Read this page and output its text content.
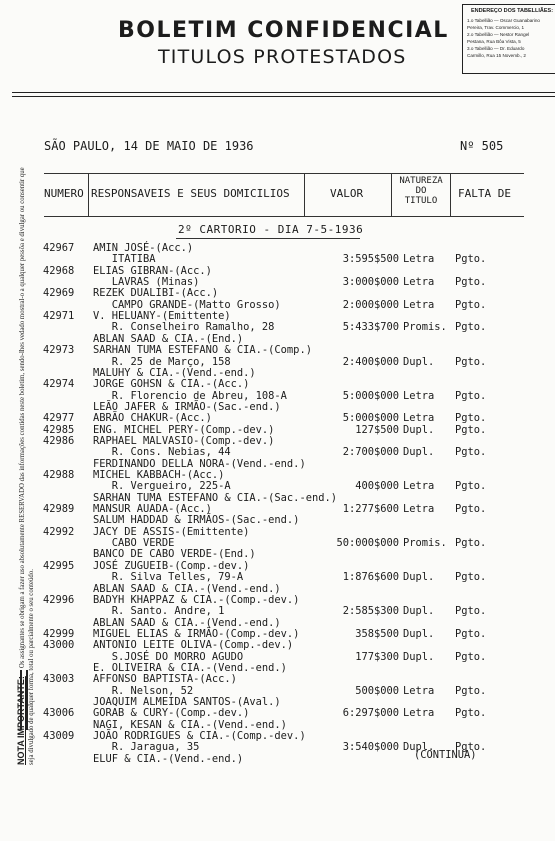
BOLETIM CONFIDENCIAL
TITULOS PROTESTADOS
ENDEREÇO DOS TABELLIÃES:
1.o Tabellião — Oscar Guanabarino
Pereira, Trav. Commercio, 1
2.o Tabellião — Nestor Rangel
Pestana, Rua Bôa Vista, 5
3.o Tabellião — Dr. Eduardo
Carmillo, Rua 15 Novemb., 2
NOTA IMPORTANTE:Os assignantes se obrigam a fazer uso absolutamente RESERVADO das informações contidas neste boletim, sendo-lhes vedado mostral-o a qualquer pessôa e divulgar ou consentir que seja divulgado de qualquer forma, total ou parcialmente o seu conteúdo.
SÃO PAULO, 14 DE MAIO DE 1936	Nº 505
NUMERO RESPONSAVEIS E SEUS DOMICILIOS	VALOR
NATUREZA
DO
TITULO
FALTA DE
2º CARTORIO - DIA 7-5-1936
42967 AMIN JOSÉ-(Acc.)
ITATIBA	3:595$500 Letra Pgto.
42968 ELIAS GIBRAN-(Acc.)
LAVRAS (Minas)	3:000$000 Letra Pgto.
42969 REZEK DUALIBI-(Acc.)
CAMPO GRANDE-(Matto Grosso)	2:000$000 Letra Pgto.
42971 V. HELUANY-(Emittente)
R. Conselheiro Ramalho, 28	5:433$700 Promis. Pgto.
ABLAN SAAD & CIA.-(End.)
42973 SARHAN TUMA ESTEFANO & CIA.-(Comp.)
R. 25 de Março, 158	2:400$000 Dupl. Pgto.
MALUHY & CIA.-(Vend.-end.)
42974 JORGE GOHSN & CIA.-(Acc.)
R. Florencio de Abreu, 108-A	5:000$000 Letra Pgto.
LEÃO JAFER & IRMÃO-(Sac.-end.)
42977 ABRÃO CHAKUR-(Acc.)	5:000$000 Letra Pgto.
42985 ENG. MICHEL PERY-(Comp.-dev.)	127$500 Dupl. Pgto.
42986 RAPHAEL MALVASIO-(Comp.-dev.)
R. Cons. Nebias, 44	2:700$000 Dupl. Pgto.
FERDINANDO DELLA NORA-(Vend.-end.)
42988 MICHEL KABBACH-(Acc.)
R. Vergueiro, 225-A	400$000 Letra Pgto.
SARHAN TUMA ESTEFANO & CIA.-(Sac.-end.)
42989 MANSUR AUADA-(Acc.)	1:277$600 Letra Pgto.
SALUM HADDAD & IRMÃOS-(Sac.-end.)
42992 JACY DE ASSIS-(Emittente)
CABO VERDE	50:000$000 Promis. Pgto.
BANCO DE CABO VERDE-(End.)
42995 JOSÉ ZUGUEIB-(Comp.-dev.)
R. Silva Telles, 79-A	1:876$600 Dupl. Pgto.
ABLAN SAAD & CIA.-(Vend.-end.)
42996 BADYH KHAPPAZ & CIA.-(Comp.-dev.)
R. Santo. Andre, 1	2:585$300 Dupl. Pgto.
ABLAN SAAD & CIA.-(Vend.-end.)
42999 MIGUEL ELIAS & IRMÃO-(Comp.-dev.)	358$500 Dupl. Pgto.
43000 ANTONIO LEITE OLIVA-(Comp.-dev.)
S.JOSÉ DO MORRO AGUDO	177$300 Dupl. Pgto.
E. OLIVEIRA & CIA.-(Vend.-end.)
43003 AFFONSO BAPTISTA-(Acc.)
R. Nelson, 52	500$000 Letra Pgto.
JOAQUIM ALMEIDA SANTOS-(Aval.)
43006 GORAB & CURY-(Comp.-dev.)	6:297$000 Letra Pgto.
NAGI, KESAN & CIA.-(Vend.-end.)
43009 JOÃO RODRIGUES & CIA.-(Comp.-dev.)
R. Jaragua, 35	3:540$000 Dupl. Pgto.
ELUF & CIA.-(Vend.-end.)	(CONTINUA)
